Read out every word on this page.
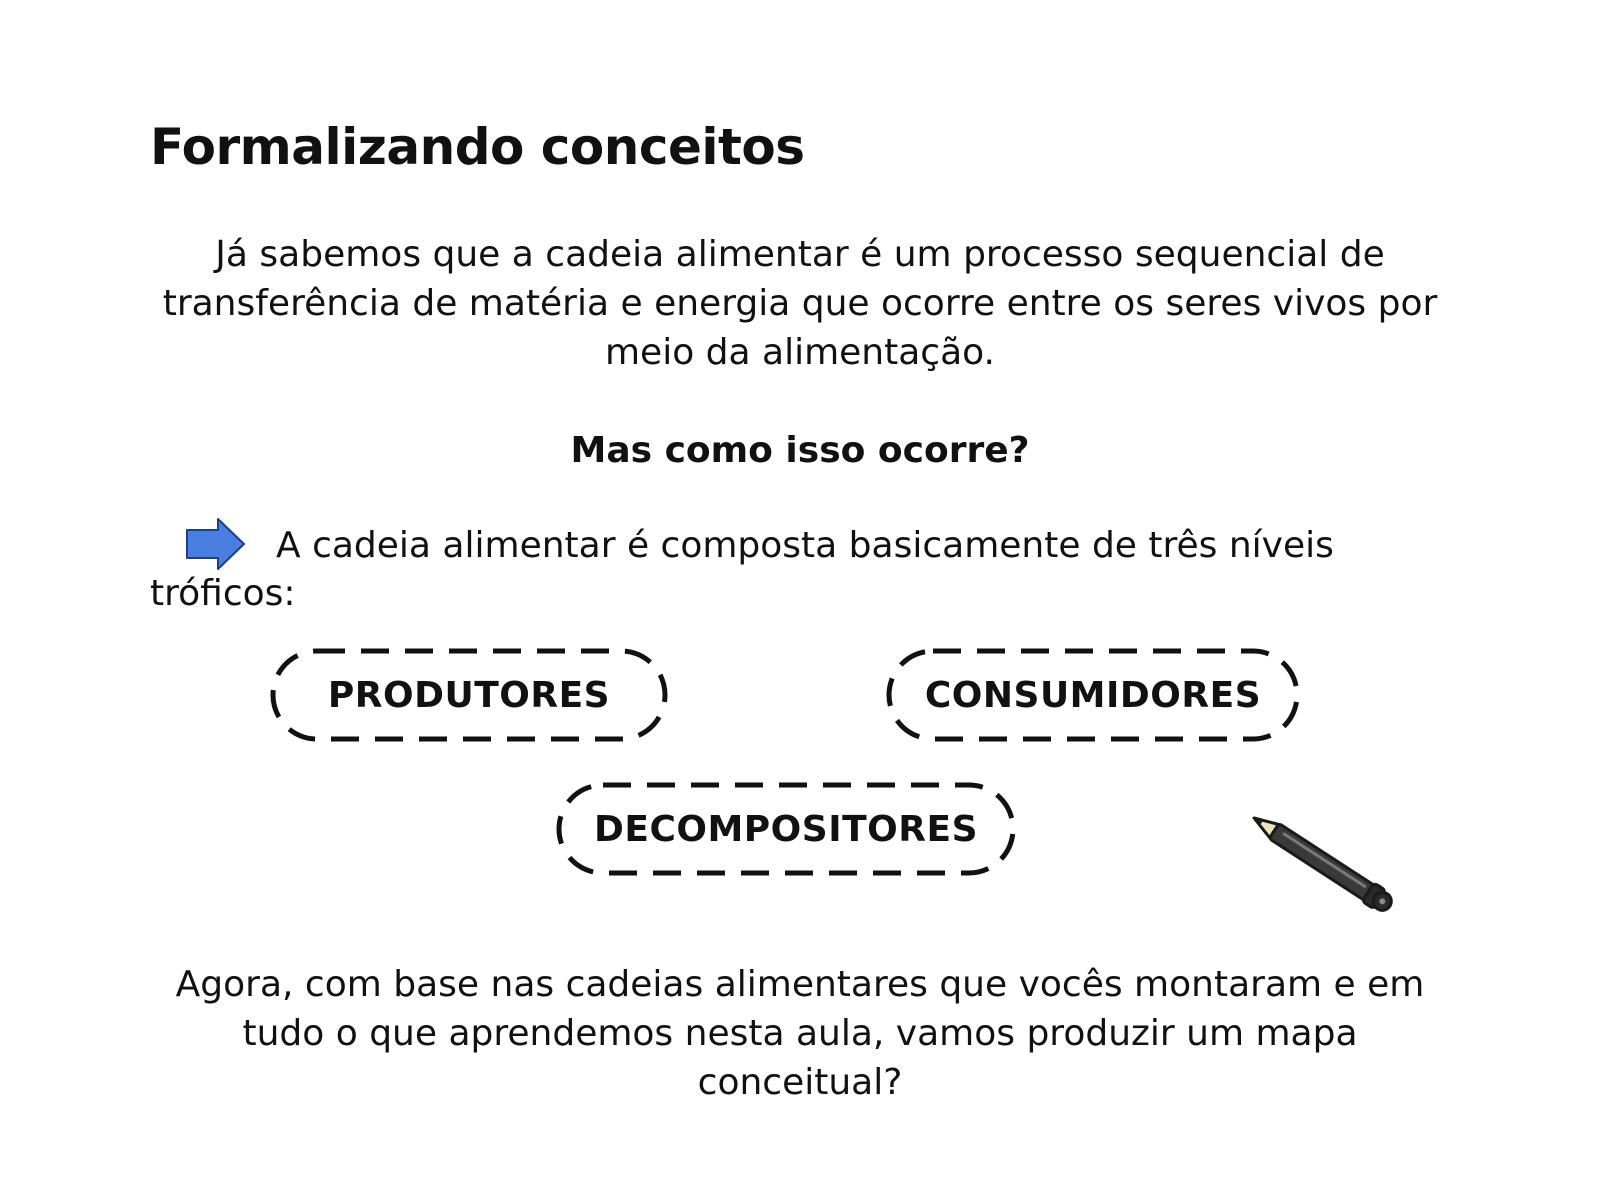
Formalizando conceitos

Já sabemos que a cadeia alimentar é um processo sequencial de transferência de matéria e energia que ocorre entre os seres vivos por meio da alimentação.

Mas como isso ocorre?

A cadeia alimentar é composta basicamente de três níveis

tróficos:

PRODUTORES	CONSUMIDORES
DECOMPOSITORES

Agora, com base nas cadeias alimentares que vocês montaram e em tudo o que aprendemos nesta aula, vamos produzir um mapa conceitual?
